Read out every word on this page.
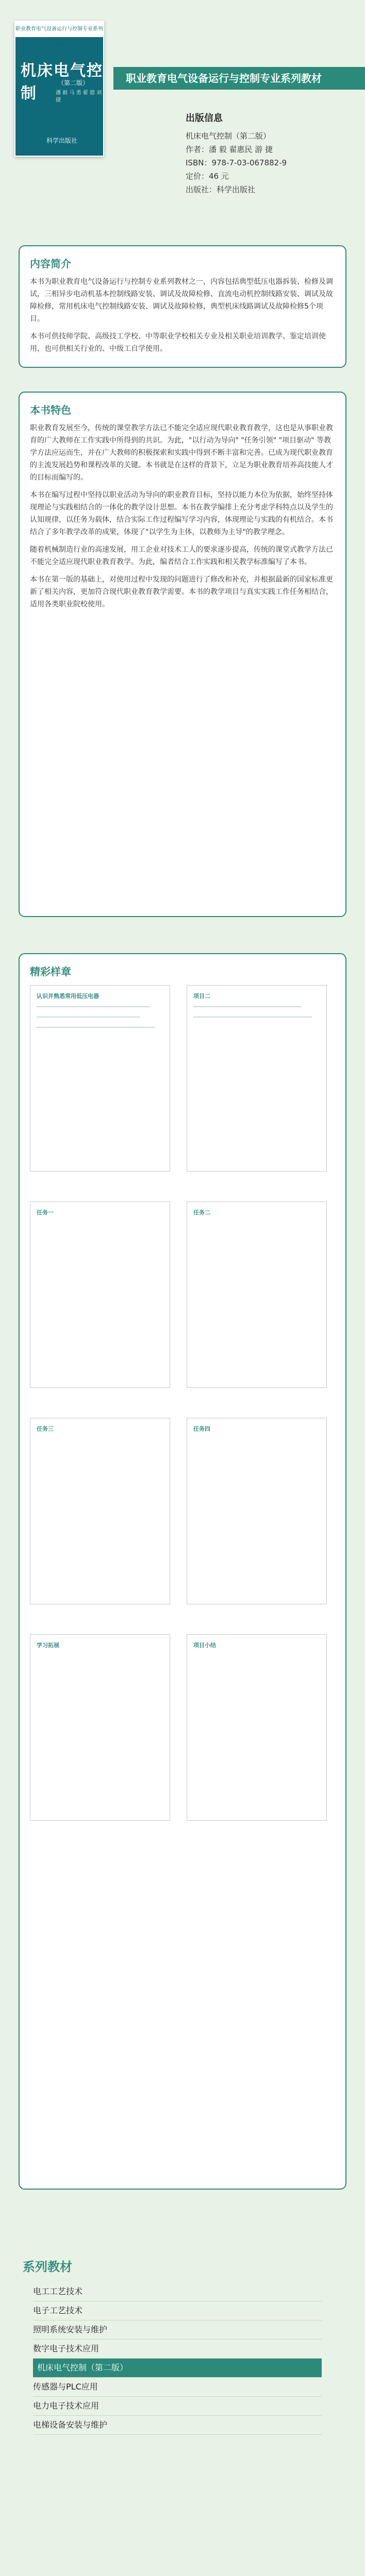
职业教育电气设备运行与控制专业系列教材
机床电气控制
（第二版）
潘 毅 马 勇 翟 德 刘 捷
科学出版社
职业教育电气设备运行与控制专业系列教材
出版信息
机床电气控制（第二版）
作者：潘 毅 翟惠民 游 捷
ISBN：978-7-03-067882-9
定价：46 元
出版社：科学出版社
内容简介

本书为职业教育电气设备运行与控制专业系列教材之一，内容包括典型低压电器拆装、检修及调试，三相异步电动机基本控制线路安装、调试及故障检修、直流电动机控制线路安装、调试及故障检修，常用机床电气控制线路安装、调试及故障检修，典型机床线路调试及故障检修5个项目。

本书可供技师学院、高级技工学校、中等职业学校相关专业及相关职业培训教学、鉴定培训使用，也可供相关行业的、中级工自学使用。

本书特色

职业教育发展至今，传统的课堂教学方法已不能完全适应现代职业教育教学，这也是从事职业教育的广大教师在工作实践中所得到的共识。为此，"以行动为导向" "任务引领" "项目驱动" 等教学方法应运而生，并在广大教师的积极探索和实践中得到不断丰富和完善。已成为现代职业教育的主流发展趋势和课程改革的关键。本书就是在这样的背景下，立足为职业教育培养高技能人才的目标而编写的。

本书在编写过程中坚持以职业活动为导向的职业教育目标，坚持以能力本位为依据，始终坚持体现理论与实践相结合的一体化的教学设计思想。本书在教学编排上充分考虑学科特点以及学生的认知规律，以任务为载体，结合实际工作过程编写学习内容，体现理论与实践的有机结合。本书结合了多年教学改革的成果，体现了"以学生为主体，以教师为主导"的教学理念。

随着机械制造行业的高速发展，用工企业对技术工人的要求逐步提高，传统的课堂式教学方法已不能完全适应现代职业教育教学。为此，编者结合工作实践和相关教学标准编写了本书。

本书在第一版的基础上，对使用过程中发现的问题进行了修改和补充，并根据最新的国家标准更新了相关内容，更加符合现代职业教育教学需要。本书的教学项目与真实实践工作任务相结合，适用各类职业院校使用。

精彩样章
认识并熟悉常用低压电器	项目二
任务一	任务二
任务三	任务四
学习拓展	项目小结
系列教材
电工工艺技术
电子工艺技术
照明系统安装与维护
数字电子技术应用
机床电气控制（第二版）
传感器与PLC应用
电力电子技术应用
电梯设备安装与维护
